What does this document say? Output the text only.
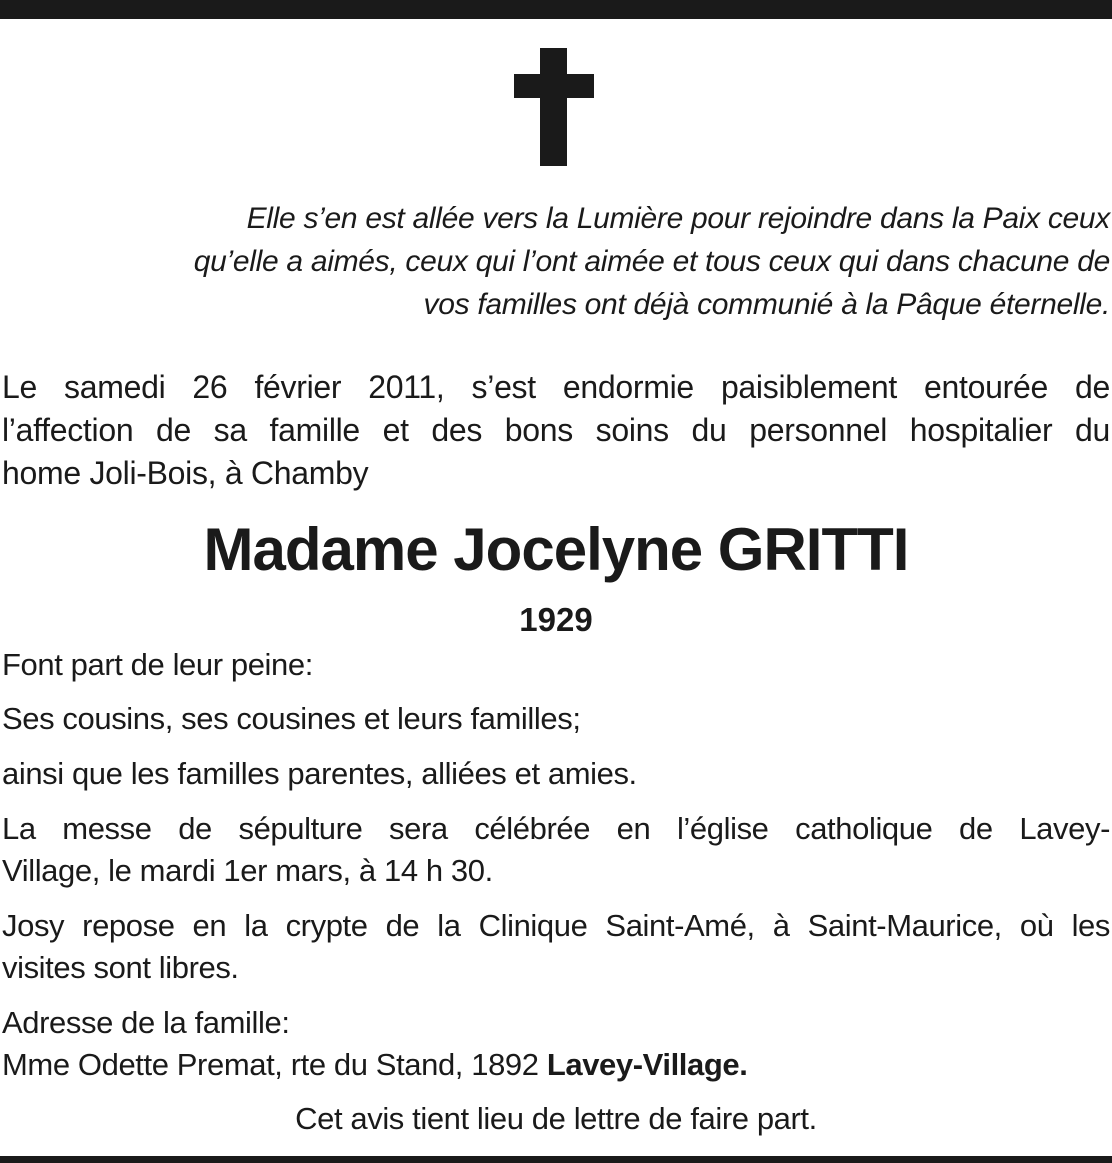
Elle s’en est allée vers la Lumière pour rejoindre dans la Paix ceux
qu’elle a aimés, ceux qui l’ont aimée et tous ceux qui dans chacune de
vos familles ont déjà communié à la Pâque éternelle.
Le samedi 26 février 2011, s’est endormie paisiblement entourée de
l’affection de sa famille et des bons soins du personnel hospitalier du
home Joli-Bois, à Chamby
Madame Jocelyne GRITTI
1929
Font part de leur peine:
Ses cousins, ses cousines et leurs familles;
ainsi que les familles parentes, alliées et amies.
La messe de sépulture sera célébrée en l’église catholique de Lavey-
Village, le mardi 1er mars, à 14 h 30.
Josy repose en la crypte de la Clinique Saint-Amé, à Saint-Maurice, où les
visites sont libres.
Adresse de la famille:
Mme Odette Premat, rte du Stand, 1892 Lavey-Village.
Cet avis tient lieu de lettre de faire part.
